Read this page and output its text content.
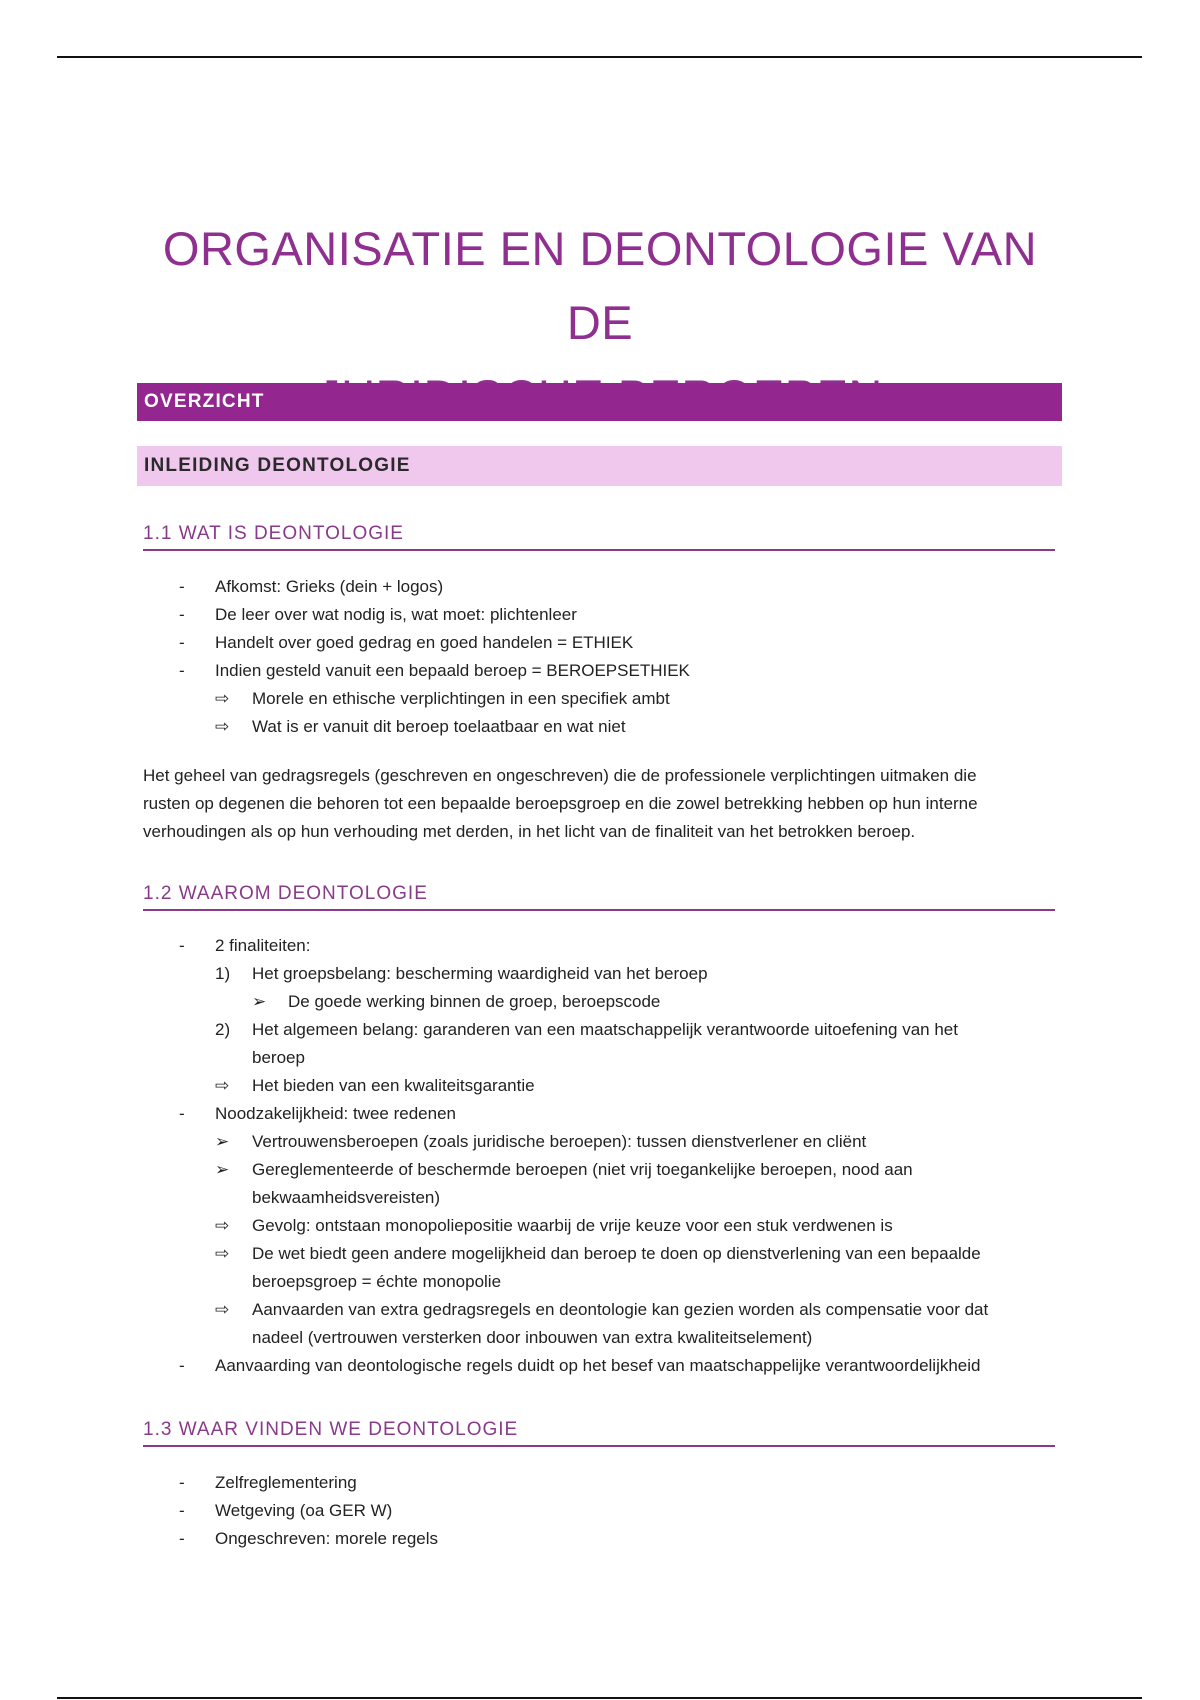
ORGANISATIE EN DEONTOLOGIE VAN DE
OVERZICHT
INLEIDING DEONTOLOGIE
1.1 WAT IS DEONTOLOGIE
- Afkomst: Grieks (dein + logos)
- De leer over wat nodig is, wat moet: plichtenleer
- Handelt over goed gedrag en goed handelen = ETHIEK
- Indien gesteld vanuit een bepaald beroep = BEROEPSETHIEK
⇨ Morele en ethische verplichtingen in een specifiek ambt
⇨ Wat is er vanuit dit beroep toelaatbaar en wat niet
Het geheel van gedragsregels (geschreven en ongeschreven) die de professionele verplichtingen uitmaken die
rusten op degenen die behoren tot een bepaalde beroepsgroep en die zowel betrekking hebben op hun interne
verhoudingen als op hun verhouding met derden, in het licht van de finaliteit van het betrokken beroep.
1.2 WAAROM DEONTOLOGIE
- 2 finaliteiten:
1) Het groepsbelang: bescherming waardigheid van het beroep
➢ De goede werking binnen de groep, beroepscode
2) Het algemeen belang: garanderen van een maatschappelijk verantwoorde uitoefening van het
beroep
⇨ Het bieden van een kwaliteitsgarantie
- Noodzakelijkheid: twee redenen
➢ Vertrouwensberoepen (zoals juridische beroepen): tussen dienstverlener en cliënt
➢ Gereglementeerde of beschermde beroepen (niet vrij toegankelijke beroepen, nood aan
bekwaamheidsvereisten)
⇨ Gevolg: ontstaan monopoliepositie waarbij de vrije keuze voor een stuk verdwenen is
⇨ De wet biedt geen andere mogelijkheid dan beroep te doen op dienstverlening van een bepaalde
beroepsgroep = échte monopolie
⇨ Aanvaarden van extra gedragsregels en deontologie kan gezien worden als compensatie voor dat
nadeel (vertrouwen versterken door inbouwen van extra kwaliteitselement)
- Aanvaarding van deontologische regels duidt op het besef van maatschappelijke verantwoordelijkheid
1.3 WAAR VINDEN WE DEONTOLOGIE
- Zelfreglementering
- Wetgeving (oa GER W)
- Ongeschreven: morele regels
